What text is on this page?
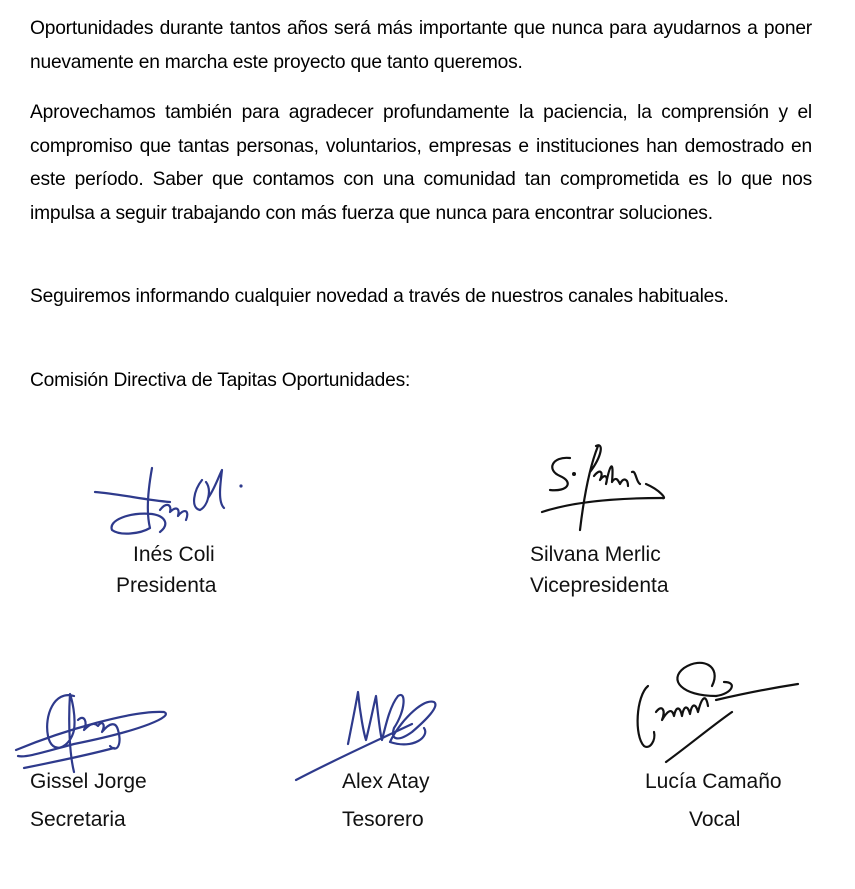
Oportunidades durante tantos años será más importante que nunca para ayudarnos a poner nuevamente en marcha este proyecto que tanto queremos.

Aprovechamos también para agradecer profundamente la paciencia, la comprensión y el compromiso que tantas personas, voluntarios, empresas e instituciones han demostrado en este período. Saber que contamos con una comunidad tan comprometida es lo que nos impulsa a seguir trabajando con más fuerza que nunca para encontrar soluciones.

Seguiremos informando cualquier novedad a través de nuestros canales habituales.

Comisión Directiva de Tapitas Oportunidades:

Inés Coli
Presidenta
Silvana Merlic
Vicepresidenta
Gissel Jorge
Secretaria
Alex Atay
Tesorero
Lucía Camaño
Vocal
